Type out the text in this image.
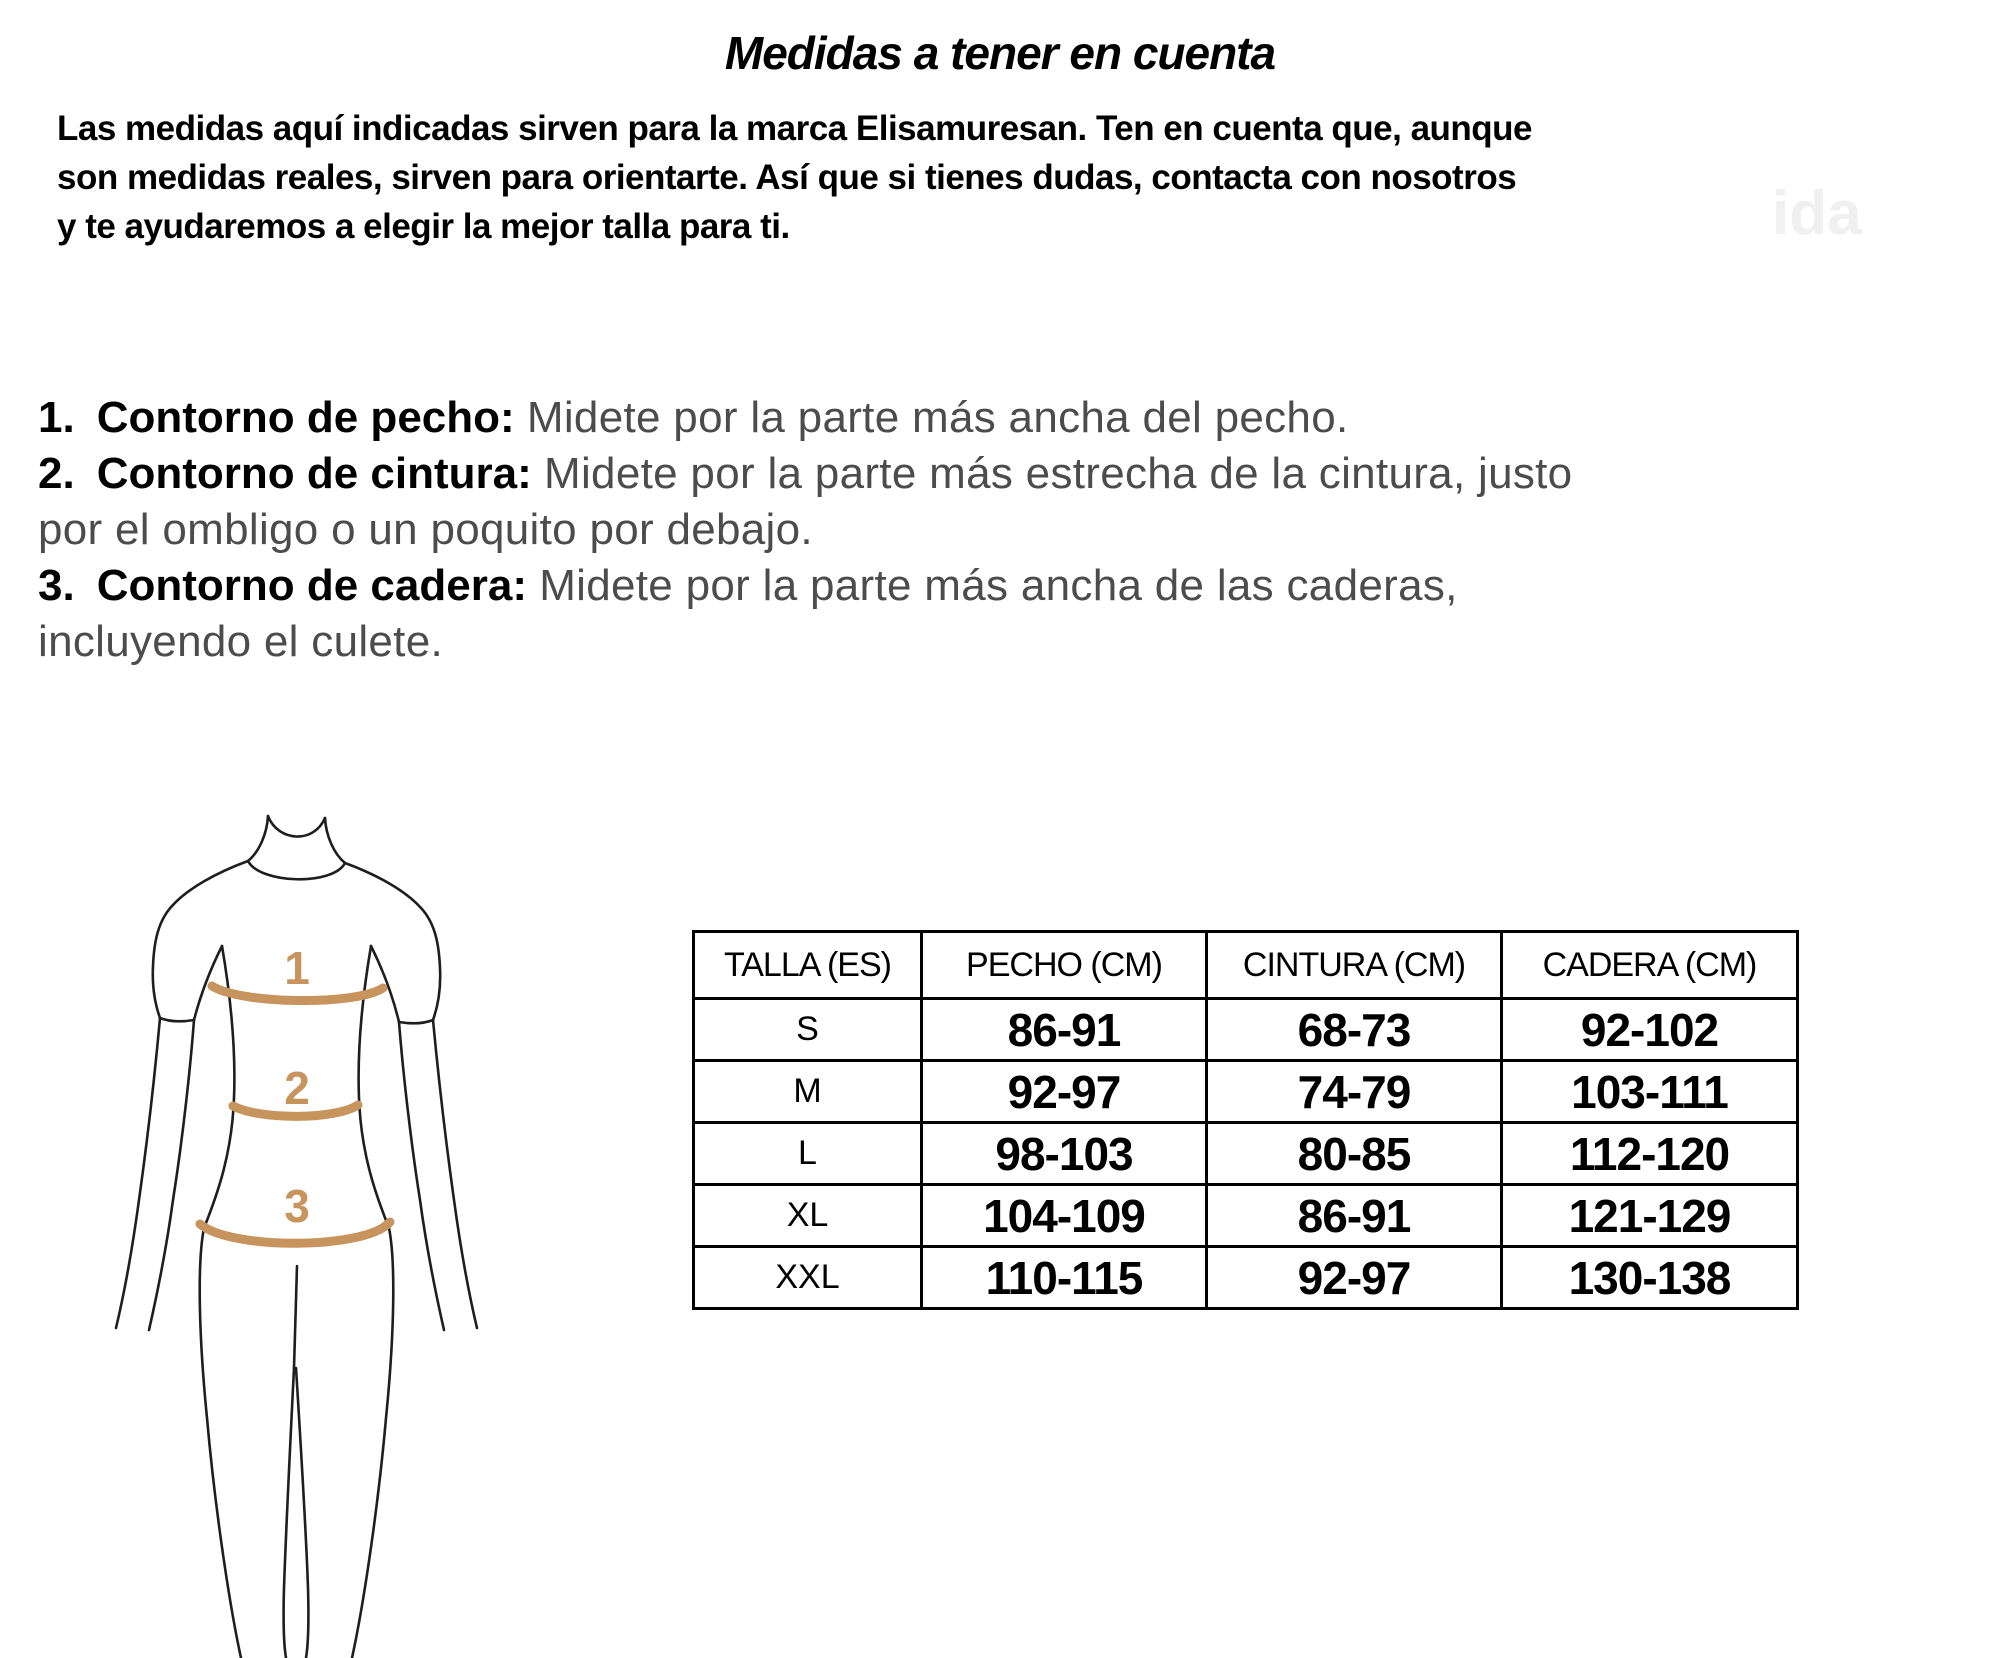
Medidas a tener en cuenta
ida

Las medidas aquí indicadas sirven para la marca Elisamuresan. Ten en cuenta que, aunque son medidas reales, sirven para orientarte. Así que si tienes dudas, contacta con nosotros y te ayudaremos a elegir la mejor talla para ti.

1. Contorno de pecho: Midete por la parte más ancha del pecho.
2. Contorno de cintura: Midete por la parte más estrecha de la cintura, justo por el ombligo o un poquito por debajo.
3. Contorno de cadera: Midete por la parte más ancha de las caderas, incluyendo el culete.
1
2
3
TALLA (ES)	PECHO (CM)	CINTURA (CM)	CADERA (CM)
S	86-91	68-73	92-102
M	92-97	74-79	103-111
L	98-103	80-85	112-120
XL	104-109	86-91	121-129
XXL	110-115	92-97	130-138
